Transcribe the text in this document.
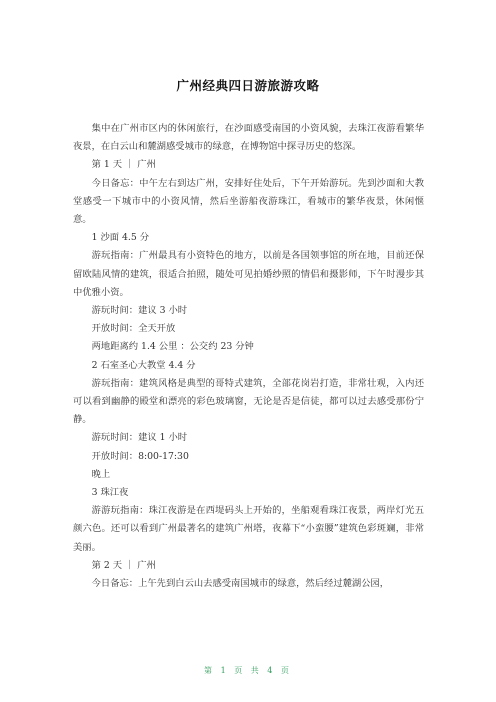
广州经典四日游旅游攻略

集中在广州市区内的休闲旅行，在沙面感受南国的小资风貌，去珠江夜游看繁华夜景，在白云山和麓湖感受城市的绿意，在博物馆中探寻历史的悠深。

第 1 天 ｜ 广州

今日备忘：中午左右到达广州，安排好住处后，下午开始游玩。先到沙面和大教堂感受一下城市中的小资风情，然后坐游船夜游珠江，看城市的繁华夜景，休闲惬意。

1 沙面 4.5 分

游玩指南：广州最具有小资特色的地方，以前是各国领事馆的所在地，目前还保留欧陆风情的建筑，很适合拍照，随处可见拍婚纱照的情侣和摄影师，下午时漫步其中优雅小资。

游玩时间：建议 3 小时

开放时间：全天开放

两地距离约 1.4 公里 ：公交约 23 分钟

2 石室圣心大教堂 4.4 分

游玩指南：建筑风格是典型的哥特式建筑，全部花岗岩打造，非常壮观，入内还可以看到幽静的殿堂和漂亮的彩色玻璃窗，无论是否是信徒，都可以过去感受那份宁静。

游玩时间：建议 1 小时

开放时间：8:00-17:30

晚上

3 珠江夜

游游玩指南：珠江夜游是在西堤码头上开始的，坐船观看珠江夜景，两岸灯光五颜六色。还可以看到广州最著名的建筑广州塔，夜幕下“小蛮腰”建筑色彩斑斓，非常美丽。

第 2 天 ｜ 广州

今日备忘：上午先到白云山去感受南国城市的绿意，然后经过麓湖公园，

第 1 页 共 4 页
